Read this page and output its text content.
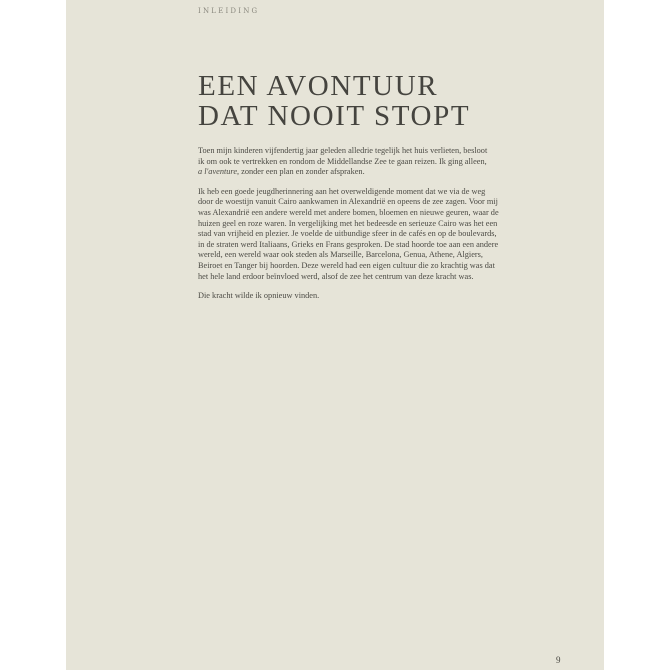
INLEIDING

EEN AVONTUUR
DAT NOOIT STOPT

Toen mijn kinderen vijfendertig jaar geleden alledrie tegelijk het huis verlieten, besloot
ik om ook te vertrekken en rondom de Middellandse Zee te gaan reizen. Ik ging alleen,
a l'aventure, zonder een plan en zonder afspraken.

Ik heb een goede jeugdherinnering aan het overweldigende moment dat we via de weg
door de woestijn vanuit Cairo aankwamen in Alexandrië en opeens de zee zagen. Voor mij
was Alexandrië een andere wereld met andere bomen, bloemen en nieuwe geuren, waar de
huizen geel en roze waren. In vergelijking met het bedeesde en serieuze Cairo was het een
stad van vrijheid en plezier. Je voelde de uitbundige sfeer in de cafés en op de boulevards,
in de straten werd Italiaans, Grieks en Frans gesproken. De stad hoorde toe aan een andere
wereld, een wereld waar ook steden als Marseille, Barcelona, Genua, Athene, Algiers,
Beiroet en Tanger bij hoorden. Deze wereld had een eigen cultuur die zo krachtig was dat
het hele land erdoor beïnvloed werd, alsof de zee het centrum van deze kracht was.

Die kracht wilde ik opnieuw vinden.

9
